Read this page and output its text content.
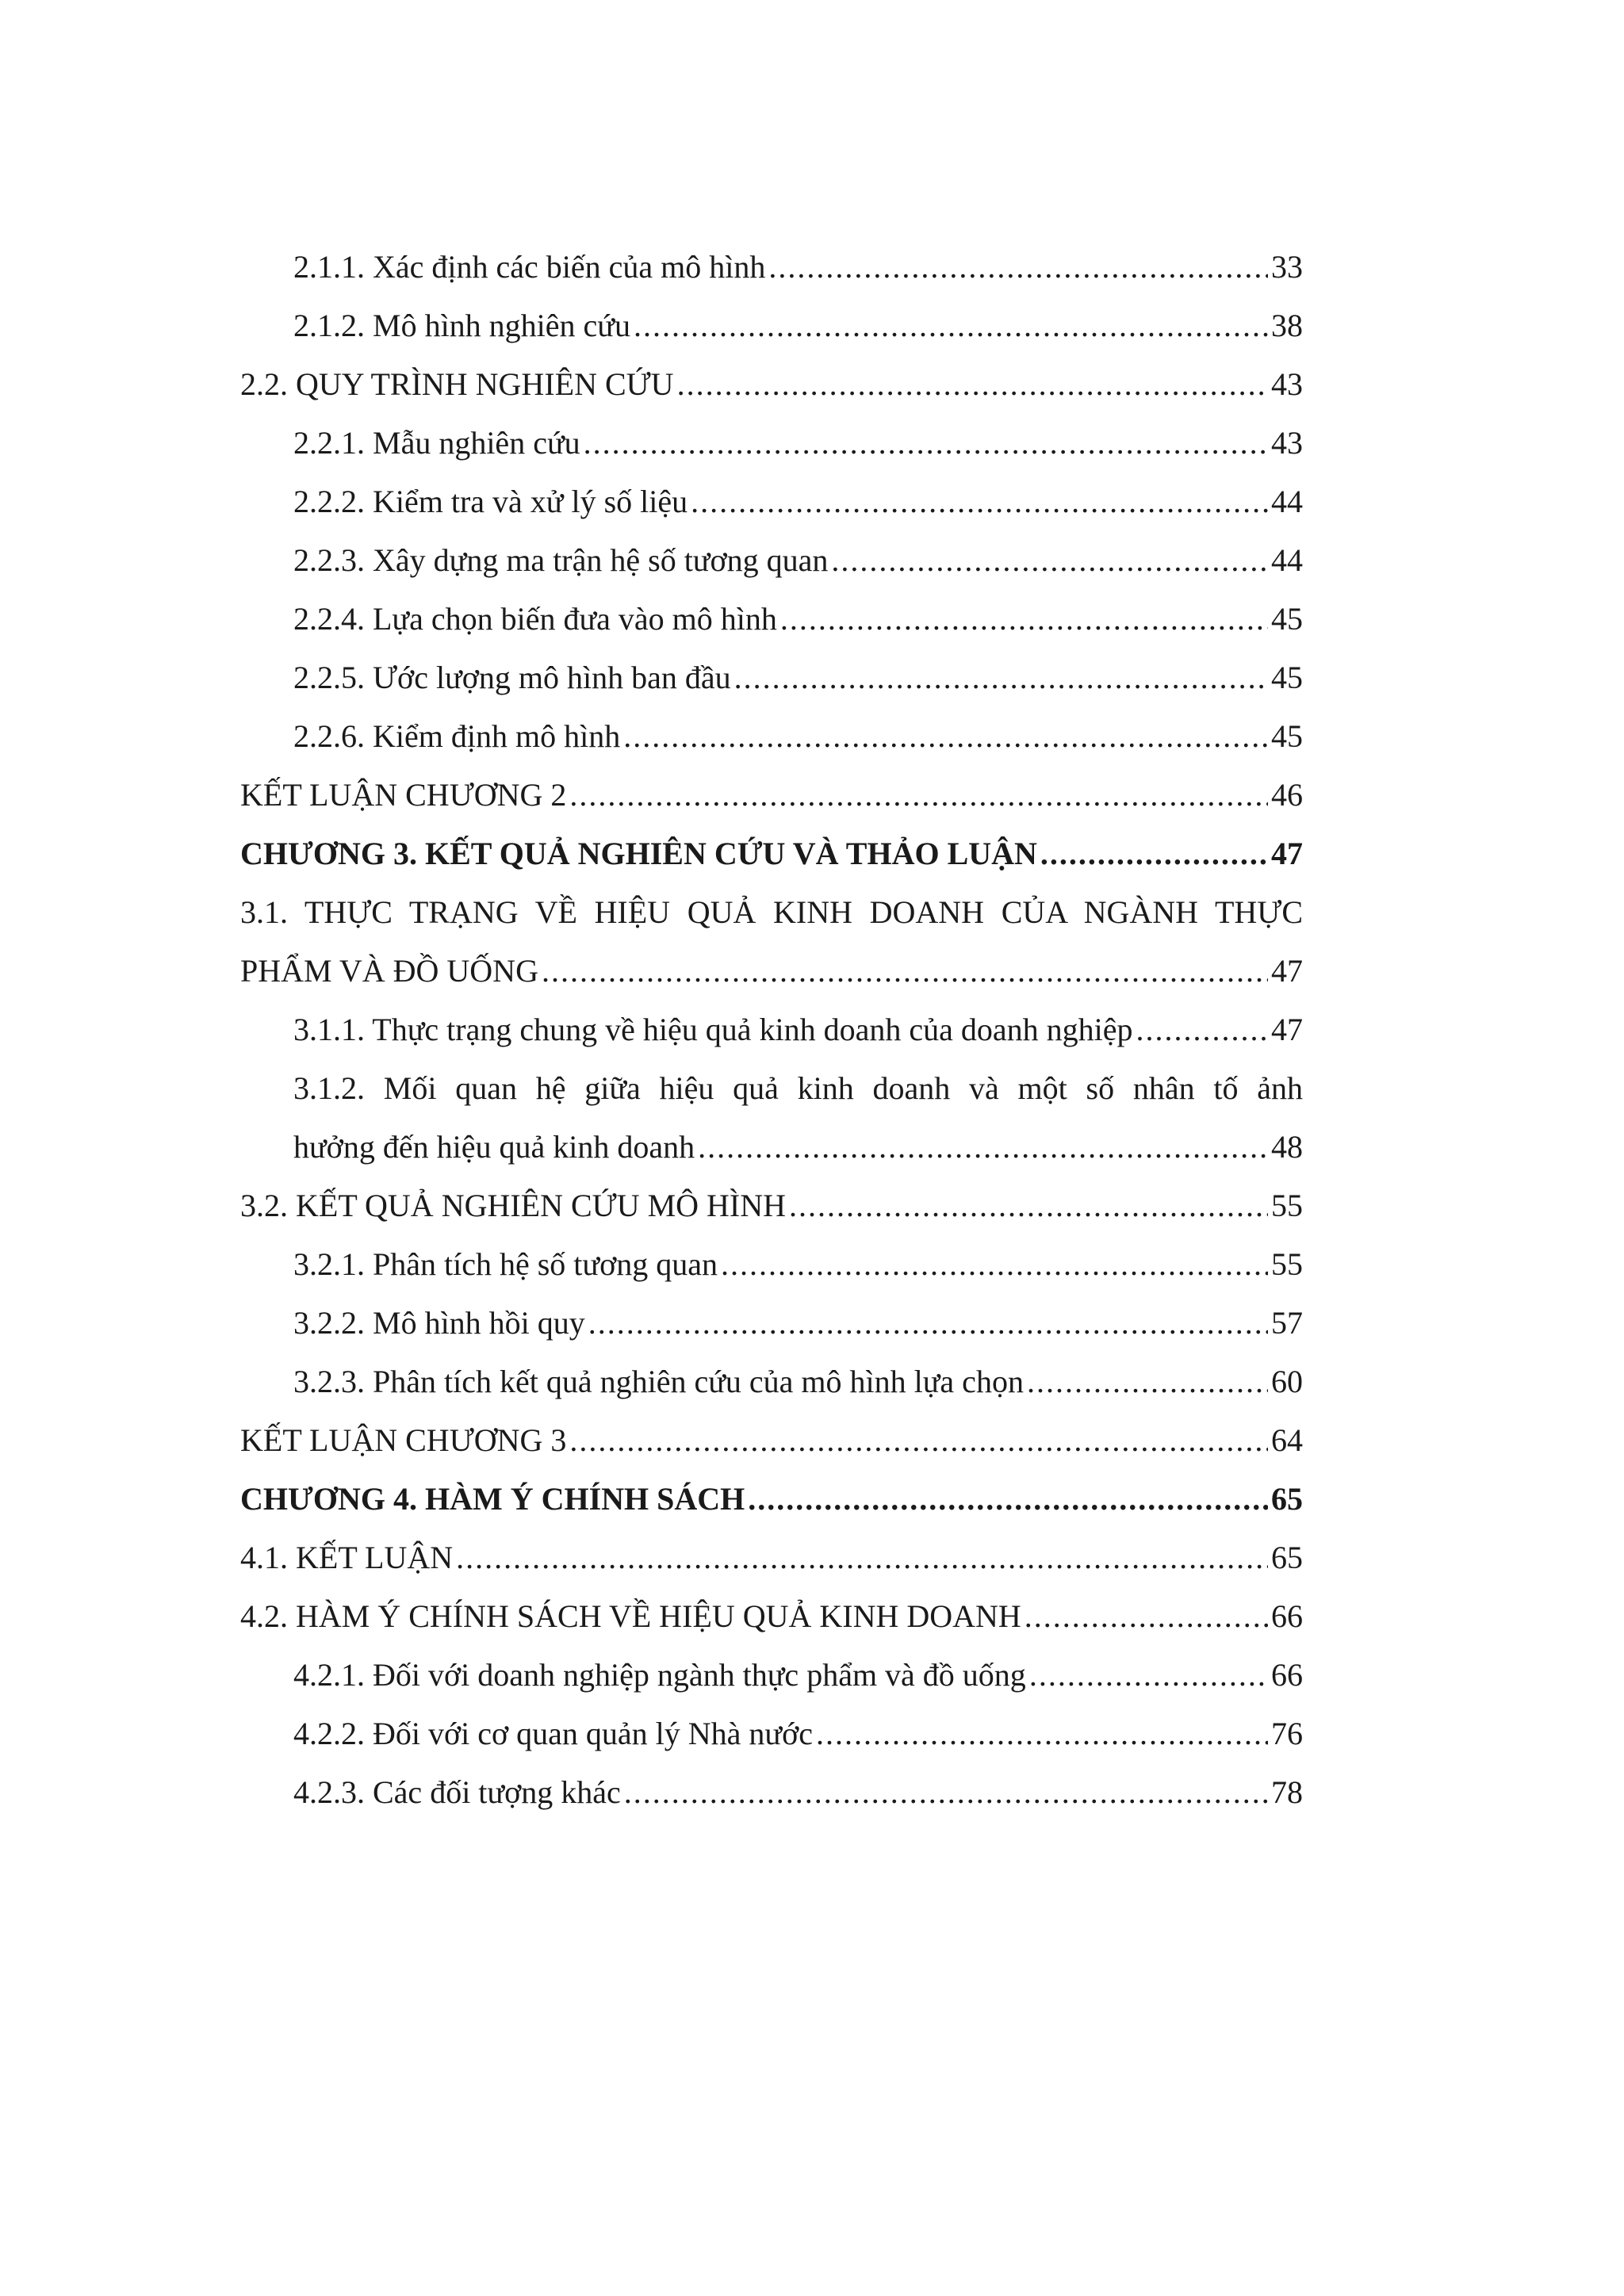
2.1.1. Xác định các biến của mô hình .....	33
2.1.2. Mô hình nghiên cứu .....	38
2.2. QUY TRÌNH NGHIÊN CỨU .....	43
2.2.1. Mẫu nghiên cứu .....	43
2.2.2. Kiểm tra và xử lý số liệu .....	44
2.2.3. Xây dựng ma trận hệ số tương quan .....	44
2.2.4. Lựa chọn biến đưa vào mô hình .....	45
2.2.5. Ước lượng mô hình ban đầu .....	45
2.2.6. Kiểm định mô hình .....	45
KẾT LUẬN CHƯƠNG 2 .....	46
CHƯƠNG 3. KẾT QUẢ NGHIÊN CỨU VÀ THẢO LUẬN .....	47
3.1. THỰC TRẠNG VỀ HIỆU QUẢ KINH DOANH CỦA NGÀNH THỰC
PHẨM VÀ ĐỒ UỐNG .....	47
3.1.1. Thực trạng chung về hiệu quả kinh doanh của doanh nghiệp .....	47
3.1.2. Mối quan hệ giữa hiệu quả kinh doanh và một số nhân tố ảnh
hưởng đến hiệu quả kinh doanh .....	48
3.2. KẾT QUẢ NGHIÊN CỨU MÔ HÌNH .....	55
3.2.1. Phân tích hệ số tương quan .....	55
3.2.2. Mô hình hồi quy .....	57
3.2.3. Phân tích kết quả nghiên cứu của mô hình lựa chọn .....	60
KẾT LUẬN CHƯƠNG 3 .....	64
CHƯƠNG 4. HÀM Ý CHÍNH SÁCH .....	65
4.1. KẾT LUẬN .....	65
4.2. HÀM Ý CHÍNH SÁCH VỀ HIỆU QUẢ KINH DOANH .....	66
4.2.1. Đối với doanh nghiệp ngành thực phẩm và đồ uống .....	66
4.2.2. Đối với cơ quan quản lý Nhà nước .....	76
4.2.3. Các đối tượng khác .....	78
